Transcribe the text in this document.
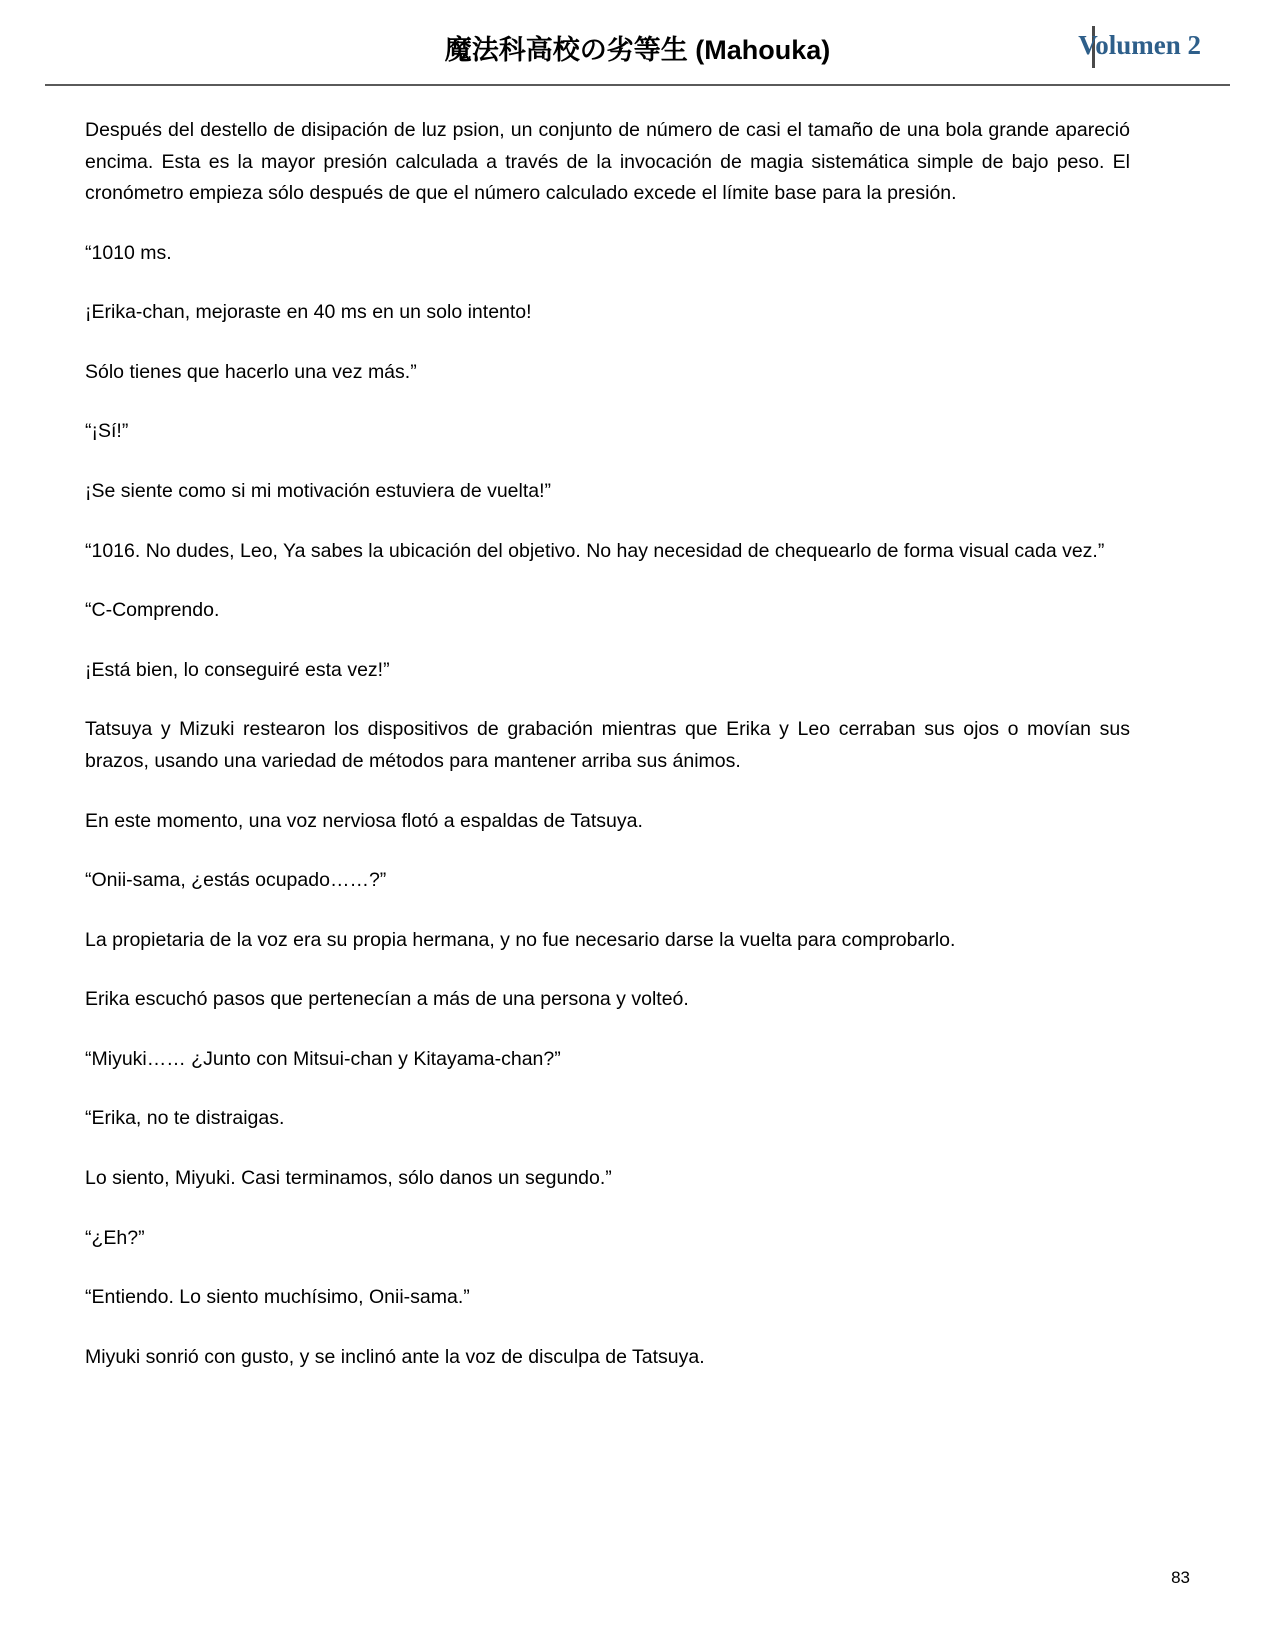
魔法科高校の劣等生 (Mahouka)	Volumen 2

Después del destello de disipación de luz psion, un conjunto de número de casi el tamaño de una bola grande apareció encima. Esta es la mayor presión calculada a través de la invocación de magia sistemática simple de bajo peso. El cronómetro empieza sólo después de que el número calculado excede el límite base para la presión.

“1010 ms.

¡Erika-chan, mejoraste en 40 ms en un solo intento!

Sólo tienes que hacerlo una vez más.”

“¡Sí!”

¡Se siente como si mi motivación estuviera de vuelta!”

“1016. No dudes, Leo, Ya sabes la ubicación del objetivo. No hay necesidad de chequearlo de forma visual cada vez.”

“C-Comprendo.

¡Está bien, lo conseguiré esta vez!”

Tatsuya y Mizuki restearon los dispositivos de grabación mientras que Erika y Leo cerraban sus ojos o movían sus brazos, usando una variedad de métodos para mantener arriba sus ánimos.

En este momento, una voz nerviosa flotó a espaldas de Tatsuya.

“Onii-sama, ¿estás ocupado……?”

La propietaria de la voz era su propia hermana, y no fue necesario darse la vuelta para comprobarlo.

Erika escuchó pasos que pertenecían a más de una persona y volteó.

“Miyuki…… ¿Junto con Mitsui-chan y Kitayama-chan?”

“Erika, no te distraigas.

Lo siento, Miyuki. Casi terminamos, sólo danos un segundo.”

“¿Eh?”

“Entiendo. Lo siento muchísimo, Onii-sama.”

Miyuki sonrió con gusto, y se inclinó ante la voz de disculpa de Tatsuya.

83
